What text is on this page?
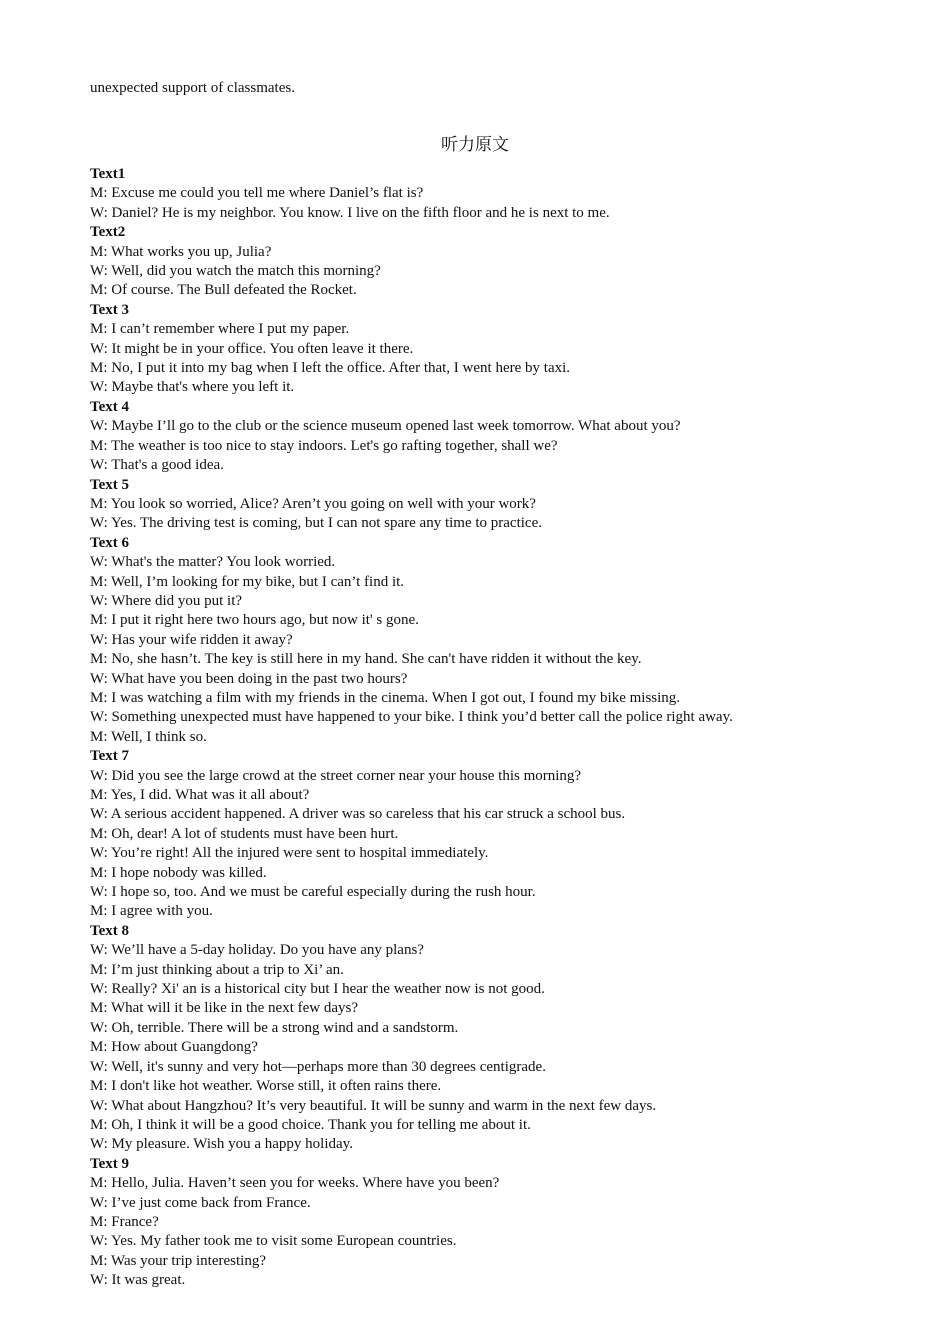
unexpected support of classmates.
听力原文

Text1

M: Excuse me could you tell me where Daniel’s flat is?

W: Daniel? He is my neighbor. You know. I live on the fifth floor and he is next to me.

Text2

M: What works you up, Julia?

W: Well, did you watch the match this morning?

M: Of course. The Bull defeated the Rocket.

Text 3

M: I can’t remember where I put my paper.

W: It might be in your office. You often leave it there.

M: No, I put it into my bag when I left the office. After that, I went here by taxi.

W: Maybe that's where you left it.

Text 4

W: Maybe I’ll go to the club or the science museum opened last week tomorrow. What about you?

M: The weather is too nice to stay indoors. Let's go rafting together, shall we?

W: That's a good idea.

Text 5

M: You look so worried, Alice? Aren’t you going on well with your work?

W: Yes. The driving test is coming, but I can not spare any time to practice.

Text 6

W: What's the matter? You look worried.

M: Well, I’m looking for my bike, but I can’t find it.

W: Where did you put it?

M: I put it right here two hours ago, but now it' s gone.

W: Has your wife ridden it away?

M: No, she hasn’t. The key is still here in my hand. She can't have ridden it without the key.

W: What have you been doing in the past two hours?

M: I was watching a film with my friends in the cinema. When I got out, I found my bike missing.

W: Something unexpected must have happened to your bike. I think you’d better call the police right away.

M: Well, I think so.

Text 7

W: Did you see the large crowd at the street corner near your house this morning?

M: Yes, I did. What was it all about?

W: A serious accident happened. A driver was so careless that his car struck a school bus.

M: Oh, dear! A lot of students must have been hurt.

W: You’re right! All the injured were sent to hospital immediately.

M: I hope nobody was killed.

W: I hope so, too. And we must be careful especially during the rush hour.

M: I agree with you.

Text 8

W: We’ll have a 5-day holiday. Do you have any plans?

M: I’m just thinking about a trip to Xi’ an.

W: Really? Xi' an is a historical city but I hear the weather now is not good.

M: What will it be like in the next few days?

W: Oh, terrible. There will be a strong wind and a sandstorm.

M: How about Guangdong?

W: Well, it's sunny and very hot—perhaps more than 30 degrees centigrade.

M: I don't like hot weather. Worse still, it often rains there.

W: What about Hangzhou? It’s very beautiful. It will be sunny and warm in the next few days.

M: Oh, I think it will be a good choice. Thank you for telling me about it.

W: My pleasure. Wish you a happy holiday.

Text 9

M: Hello, Julia. Haven’t seen you for weeks. Where have you been?

W: I’ve just come back from France.

M: France?

W: Yes. My father took me to visit some European countries.

M: Was your trip interesting?

W: It was great.
